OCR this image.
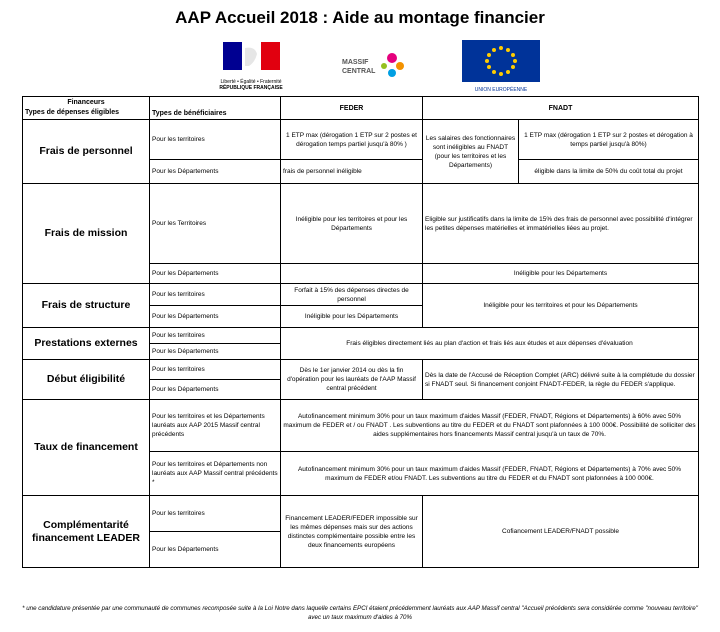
AAP Accueil 2018 : Aide au montage financier
Liberté • Égalité • Fraternité
RÉPUBLIQUE FRANÇAISE
MASSIF
CENTRAL
UNION EUROPÉENNE
Financeurs
Types de dépenses éligibles	Types de bénéficiaires	FEDER	FNADT	
Frais de personnel	Pour les territoires	1 ETP max (dérogation 1 ETP sur 2 postes et dérogation temps partiel jusqu'à 80% )	Les salaires des fonctionnaires sont inéligibles au FNADT (pour les territoires et les Départements)	1 ETP max (dérogation 1 ETP sur 2 postes et dérogation à temps partiel jusqu'à 80%)
	Pour les Départements	frais de personnel inéligible		éligible dans la limite de 50% du coût total du projet
Frais de mission	Pour les Territoires	Inéligible pour les territoires et pour les Départements	Eligible sur justificatifs dans la limite de 15% des frais de personnel avec possibilité d'intégrer les petites dépenses matérielles et immatérielles liées au projet.	
	Pour les Départements		Inéligible pour les Départements	
Frais de structure	Pour les territoires	Forfait à 15% des dépenses directes de personnel	Inéligible pour les territoires et pour les Départements	
	Pour les Départements	Inéligible pour les Départements		
Prestations externes	Pour les territoires	Frais éligibles directement liés au plan d'action et frais liés aux études et aux dépenses d'évaluation		
	Pour les Départements			
Début éligibilité	Pour les territoires	Dès le 1er janvier 2014 ou dès la fin d'opération pour les lauréats de l'AAP Massif central précédent	Dès la date de l'Accusé de Réception Complet (ARC) délivré suite à la complétude du dossier si FNADT seul. Si financement conjoint FNADT-FEDER, la règle du FEDER s'applique.	
	Pour les Départements			
Taux de financement	Pour les territoires et les Départements lauréats aux AAP 2015 Massif central précédents	Autofinancement minimum 30% pour un taux maximum d'aides Massif (FEDER, FNADT, Régions et Départements) à 60% avec 50% maximum de FEDER et / ou FNADT . Les subventions au titre du FEDER et du FNADT sont plafonnées à 100 000€. Possibilité de solliciter des aides supplémentaires hors financements Massif central jusqu'à un taux de 70%.		
	Pour les territoires et Départements non lauréats aux AAP Massif central précédents *	Autofinancement minimum 30% pour un taux maximum d'aides Massif (FEDER, FNADT, Régions et Départements) à 70% avec 50% maximum de FEDER et/ou FNADT. Les subventions au titre du FEDER et du FNADT sont plafonnées à 100 000€.		
Complémentarité financement LEADER	Pour les territoires	Financement LEADER/FEDER impossible sur les mêmes dépenses mais sur des actions distinctes complémentaire possible entre les deux financements européens	Cofiancement LEADER/FNADT possible	
	Pour les Départements			
* une candidature présentée par une communauté de communes recomposée suite à la Loi Notre dans laquelle certains EPCI étaient précédemment lauréats aux AAP Massif central "Accueil précédents sera considérée comme "nouveau territoire" avec un taux maximum d'aides à 70%
